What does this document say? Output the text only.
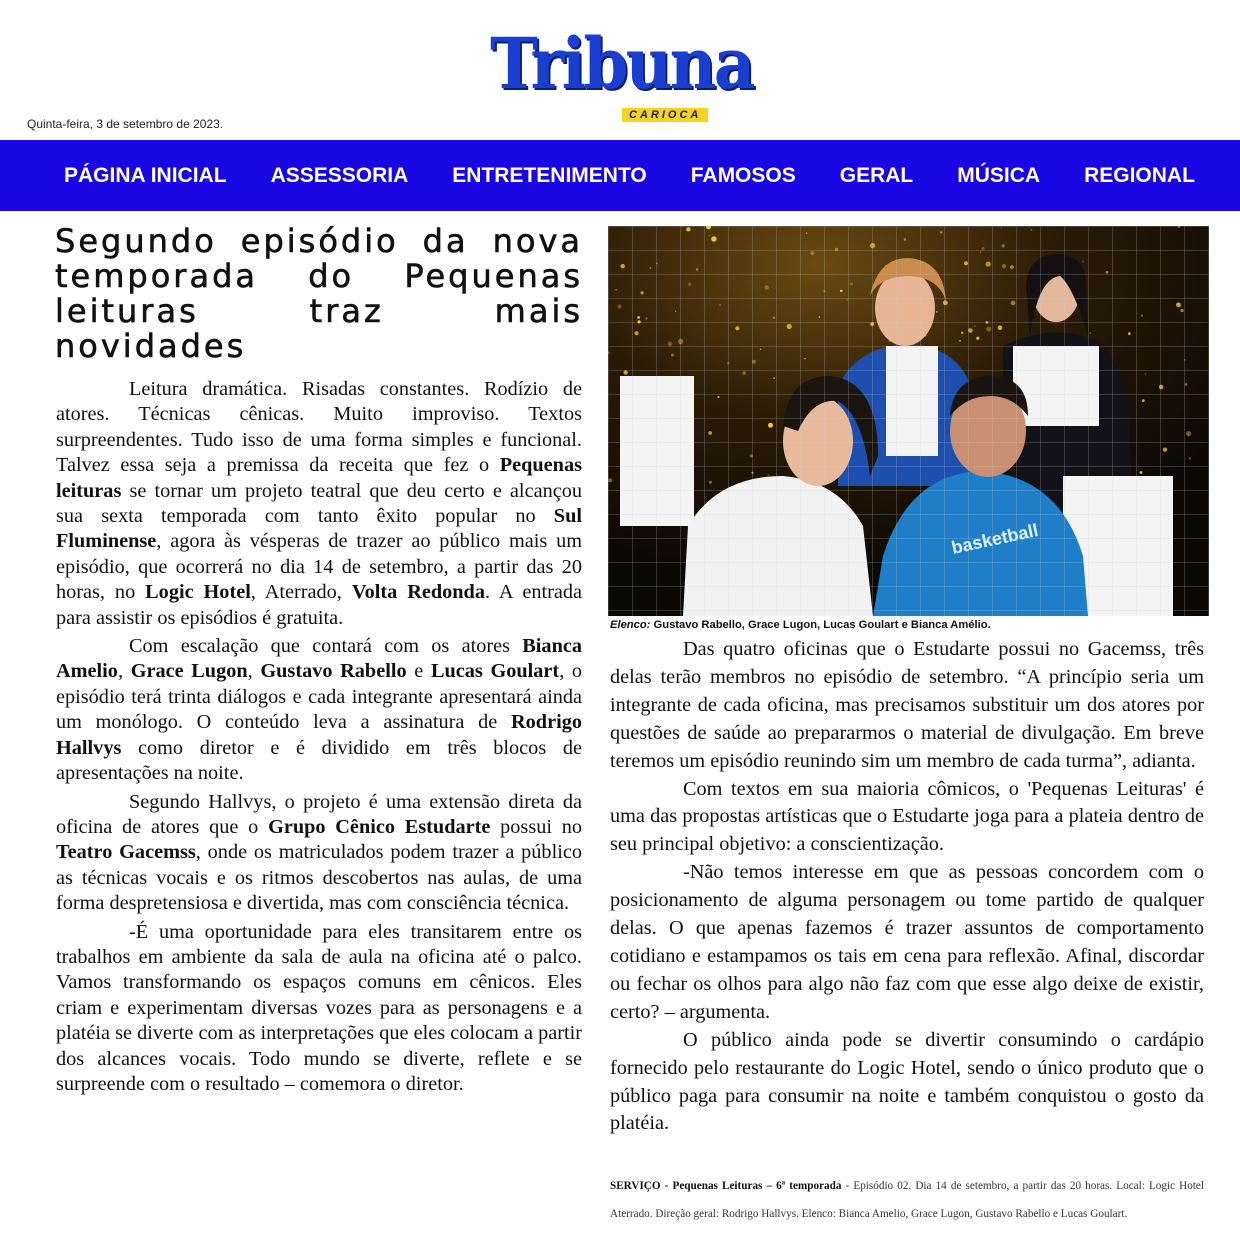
Quinta-feira, 3 de setembro de 2023.
Tribuna
CARIOCA
PÁGINA INICIAL ASSESSORIA ENTRETENIMENTO FAMOSOS GERAL MÚSICA REGIONAL
Segundo episódio da nova temporada do Pequenas leituras traz mais novidades

Leitura dramática. Risadas constantes. Rodízio de atores. Técnicas cênicas. Muito improviso. Textos surpreendentes. Tudo isso de uma forma simples e funcional. Talvez essa seja a premissa da receita que fez o Pequenas leituras se tornar um projeto teatral que deu certo e alcançou sua sexta temporada com tanto êxito popular no Sul Fluminense, agora às vésperas de trazer ao público mais um episódio, que ocorrerá no dia 14 de setembro, a partir das 20 horas, no Logic Hotel, Aterrado, Volta Redonda. A entrada para assistir os episódios é gratuita.

Com escalação que contará com os atores Bianca Amelio, Grace Lugon, Gustavo Rabello e Lucas Goulart, o episódio terá trinta diálogos e cada integrante apresentará ainda um monólogo. O conteúdo leva a assinatura de Rodrigo Hallvys como diretor e é dividido em três blocos de apresentações na noite.

Segundo Hallvys, o projeto é uma extensão direta da oficina de atores que o Grupo Cênico Estudarte possui no Teatro Gacemss, onde os matriculados podem trazer a público as técnicas vocais e os ritmos descobertos nas aulas, de uma forma despretensiosa e divertida, mas com consciência técnica.

-É uma oportunidade para eles transitarem entre os trabalhos em ambiente da sala de aula na oficina até o palco. Vamos transformando os espaços comuns em cênicos. Eles criam e experimentam diversas vozes para as personagens e a platéia se diverte com as interpretações que eles colocam a partir dos alcances vocais. Todo mundo se diverte, reflete e se surpreende com o resultado – comemora o diretor.

Elenco: Gustavo Rabello, Grace Lugon, Lucas Goulart e Bianca Amélio.

Das quatro oficinas que o Estudarte possui no Gacemss, três delas terão membros no episódio de setembro. “A princípio seria um integrante de cada oficina, mas precisamos substituir um dos atores por questões de saúde ao prepararmos o material de divulgação. Em breve teremos um episódio reunindo sim um membro de cada turma”, adianta.

Com textos em sua maioria cômicos, o 'Pequenas Leituras' é uma das propostas artísticas que o Estudarte joga para a plateia dentro de seu principal objetivo: a conscientização.

-Não temos interesse em que as pessoas concordem com o posicionamento de alguma personagem ou tome partido de qualquer delas. O que apenas fazemos é trazer assuntos de comportamento cotidiano e estampamos os tais em cena para reflexão. Afinal, discordar ou fechar os olhos para algo não faz com que esse algo deixe de existir, certo? – argumenta.

O público ainda pode se divertir consumindo o cardápio fornecido pelo restaurante do Logic Hotel, sendo o único produto que o público paga para consumir na noite e também conquistou o gosto da platéia.

SERVIÇO - Pequenas Leituras – 6ª temporada - Episódio 02. Dia 14 de setembro, a partir das 20 horas. Local: Logic Hotel Aterrado. Direção geral: Rodrigo Hallvys. Elenco: Bianca Amelio, Grace Lugon, Gustavo Rabello e Lucas Goulart.
